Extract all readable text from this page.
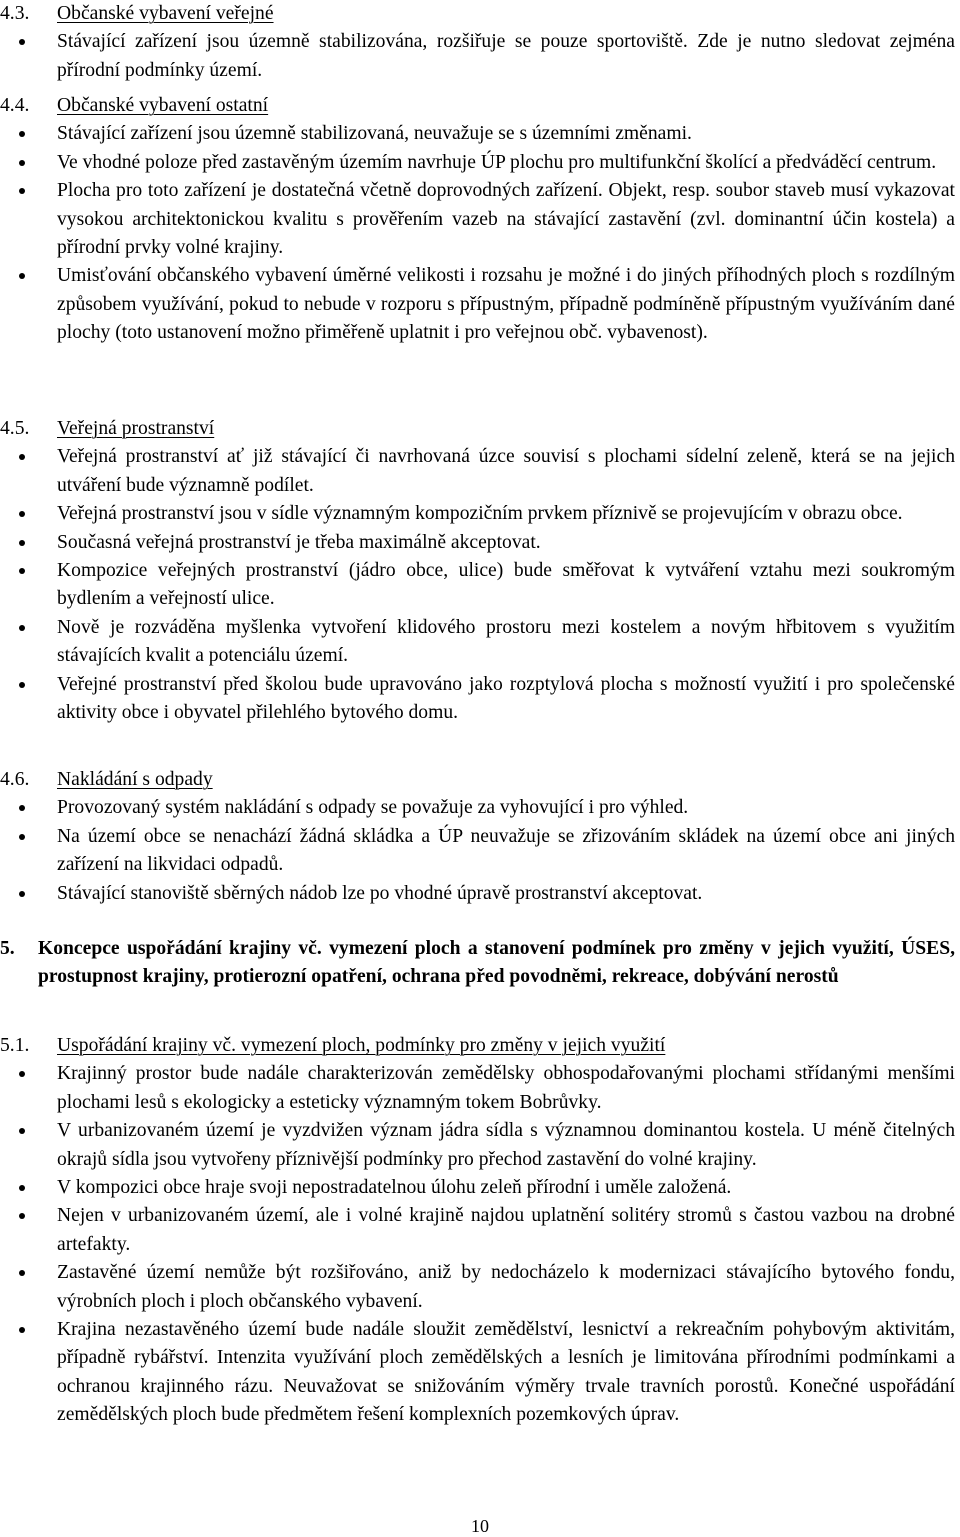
4.3. Občanské vybavení veřejné
Stávající zařízení jsou územně stabilizována, rozšiřuje se pouze sportoviště. Zde je nutno sledovat zejména přírodní podmínky území.
4.4. Občanské vybavení ostatní
Stávající zařízení jsou územně stabilizovaná, neuvažuje se s územními změnami.
Ve vhodné poloze před zastavěným územím navrhuje ÚP plochu pro multifunkční školící a předváděcí centrum.
Plocha pro toto zařízení je dostatečná včetně doprovodných zařízení. Objekt, resp. soubor staveb musí vykazovat vysokou architektonickou kvalitu s prověřením vazeb na stávající zastavění (zvl. dominantní účin kostela) a přírodní prvky volné krajiny.
Umisťování občanského vybavení úměrné velikosti i rozsahu je možné i do jiných příhodných ploch s rozdílným způsobem využívání, pokud to nebude v rozporu s přípustným, případně podmíněně přípustným využíváním dané plochy (toto ustanovení možno přiměřeně uplatnit i pro veřejnou obč. vybavenost).
4.5. Veřejná prostranství
Veřejná prostranství ať již stávající či navrhovaná úzce souvisí s plochami sídelní zeleně, která se na jejich utváření bude významně podílet.
Veřejná prostranství jsou v sídle významným kompozičním prvkem příznivě se projevujícím v obrazu obce.
Současná veřejná prostranství je třeba maximálně akceptovat.
Kompozice veřejných prostranství (jádro obce, ulice) bude směřovat k vytváření vztahu mezi soukromým bydlením a veřejností ulice.
Nově je rozváděna myšlenka vytvoření klidového prostoru mezi kostelem a novým hřbitovem s využitím stávajících kvalit a potenciálu území.
Veřejné prostranství před školou bude upravováno jako rozptylová plocha s možností využití i pro společenské aktivity obce i obyvatel přilehlého bytového domu.
4.6. Nakládání s odpady
Provozovaný systém nakládání s odpady se považuje za vyhovující i pro výhled.
Na území obce se nenachází žádná skládka a ÚP neuvažuje se zřizováním skládek na území obce ani jiných zařízení na likvidaci odpadů.
Stávající stanoviště sběrných nádob lze po vhodné úpravě prostranství akceptovat.
5.	Koncepce uspořádání krajiny vč. vymezení ploch a stanovení podmínek pro změny v jejich využití, ÚSES, prostupnost krajiny, protierozní opatření, ochrana před povodněmi, rekreace, dobývání nerostů
5.1. Uspořádání krajiny vč. vymezení ploch, podmínky pro změny v jejich využití
Krajinný prostor bude nadále charakterizován zemědělsky obhospodařovanými plochami střídanými menšími plochami lesů s ekologicky a esteticky významným tokem Bobrůvky.
V urbanizovaném území je vyzdvižen význam jádra sídla s významnou dominantou kostela. U méně čitelných okrajů sídla jsou vytvořeny příznivější podmínky pro přechod zastavění do volné krajiny.
V kompozici obce hraje svoji nepostradatelnou úlohu zeleň přírodní i uměle založená.
Nejen v urbanizovaném území, ale i volné krajině najdou uplatnění solitéry stromů s častou vazbou na drobné artefakty.
Zastavěné území nemůže být rozšiřováno, aniž by nedocházelo k modernizaci stávajícího bytového fondu, výrobních ploch i ploch občanského vybavení.
Krajina nezastavěného území bude nadále sloužit zemědělství, lesnictví a rekreačním pohybovým aktivitám, případně rybářství. Intenzita využívání ploch zemědělských a lesních je limitována přírodními podmínkami a ochranou krajinného rázu. Neuvažovat se snižováním výměry trvale travních porostů. Konečné uspořádání zemědělských ploch bude předmětem řešení komplexních pozemkových úprav.
10
